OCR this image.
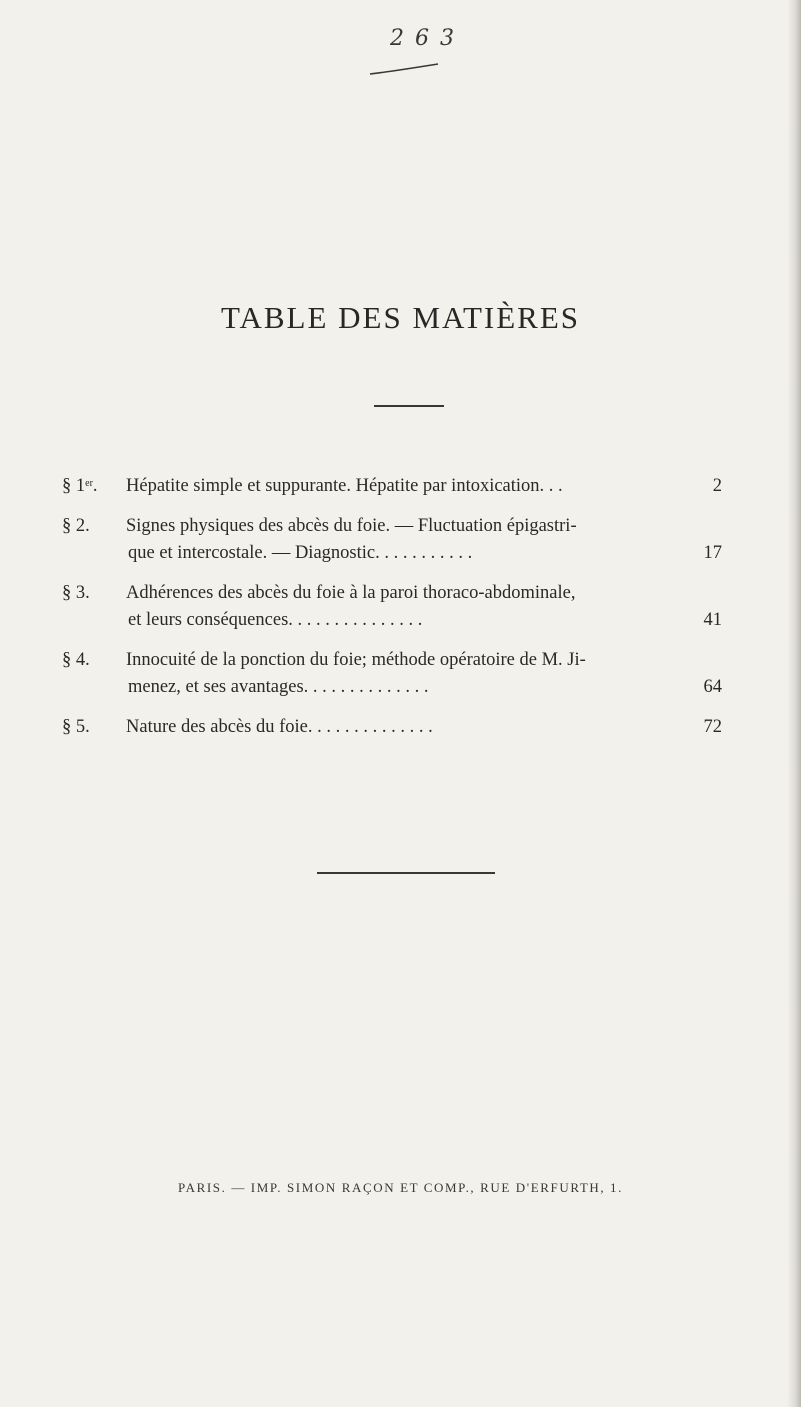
2 6 3
TABLE DES MATIÈRES
§ 1er.	Hépatite simple et suppurante. Hépatite par intoxication. . .	2
§ 2.	Signes physiques des abcès du foie. — Fluctuation épigastri-
que et intercostale. — Diagnostic. . . . . . . . . . .	17
§ 3.	Adhérences des abcès du foie à la paroi thoraco-abdominale,
et leurs conséquences. . . . . . . . . . . . . . .	41
§ 4.	Innocuité de la ponction du foie; méthode opératoire de M. Ji-
menez, et ses avantages. . . . . . . . . . . . . .	64
§ 5.	Nature des abcès du foie. . . . . . . . . . . . . .	72
PARIS. — IMP. SIMON RAÇON ET COMP., RUE D'ERFURTH, 1.
